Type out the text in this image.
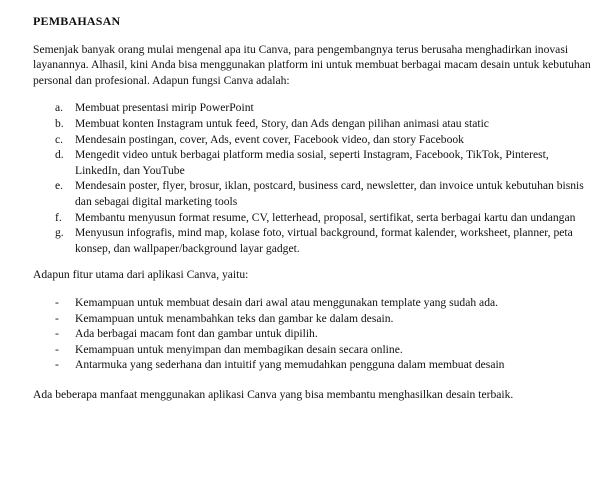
PEMBAHASAN

Semenjak banyak orang mulai mengenal apa itu Canva, para pengembangnya terus berusaha menghadirkan inovasi layanannya. Alhasil, kini Anda bisa menggunakan platform ini untuk membuat berbagai macam desain untuk kebutuhan personal dan profesional. Adapun fungsi Canva adalah:

a. Membuat presentasi mirip PowerPoint
b. Membuat konten Instagram untuk feed, Story, dan Ads dengan pilihan animasi atau static
c. Mendesain postingan, cover, Ads, event cover, Facebook video, dan story Facebook
d. Mengedit video untuk berbagai platform media sosial, seperti Instagram, Facebook, TikTok, Pinterest, LinkedIn, dan YouTube
e. Mendesain poster, flyer, brosur, iklan, postcard, business card, newsletter, dan invoice untuk kebutuhan bisnis dan sebagai digital marketing tools
f. Membantu menyusun format resume, CV, letterhead, proposal, sertifikat, serta berbagai kartu dan undangan
g. Menyusun infografis, mind map, kolase foto, virtual background, format kalender, worksheet, planner, peta konsep, dan wallpaper/background layar gadget.

Adapun fitur utama dari aplikasi Canva, yaitu:

- Kemampuan untuk membuat desain dari awal atau menggunakan template yang sudah ada.
- Kemampuan untuk menambahkan teks dan gambar ke dalam desain.
- Ada berbagai macam font dan gambar untuk dipilih.
- Kemampuan untuk menyimpan dan membagikan desain secara online.
- Antarmuka yang sederhana dan intuitif yang memudahkan pengguna dalam membuat desain

Ada beberapa manfaat menggunakan aplikasi Canva yang bisa membantu menghasilkan desain terbaik.
